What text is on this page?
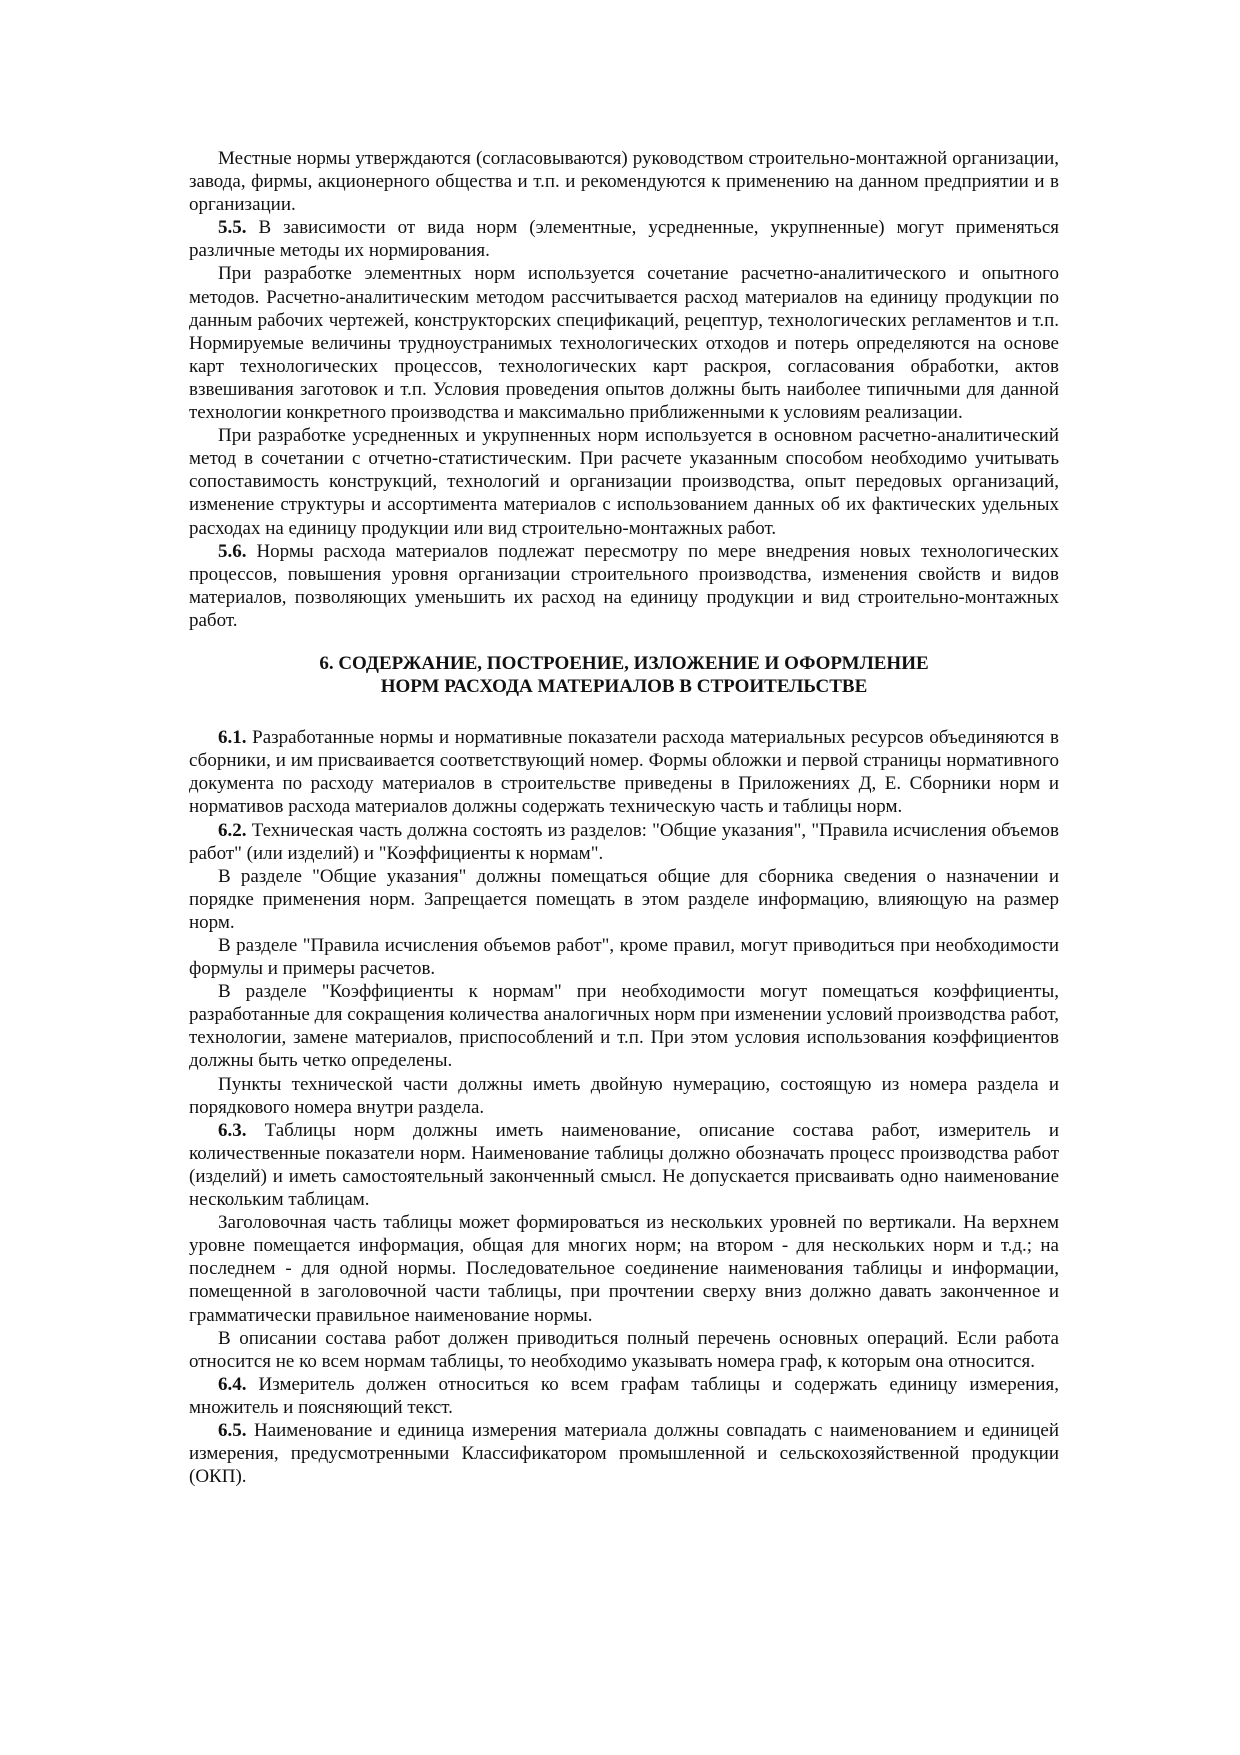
Местные нормы утверждаются (согласовываются) руководством строительно-монтажной организации, завода, фирмы, акционерного общества и т.п. и рекомендуются к применению на данном предприятии и в организации.

5.5. В зависимости от вида норм (элементные, усредненные, укрупненные) могут применяться различные методы их нормирования.

При разработке элементных норм используется сочетание расчетно-аналитического и опытного методов. Расчетно-аналитическим методом рассчитывается расход материалов на единицу продукции по данным рабочих чертежей, конструкторских спецификаций, рецептур, технологических регламентов и т.п. Нормируемые величины трудноустранимых технологических отходов и потерь определяются на основе карт технологических процессов, технологических карт раскроя, согласования обработки, актов взвешивания заготовок и т.п. Условия проведения опытов должны быть наиболее типичными для данной технологии конкретного производства и максимально приближенными к условиям реализации.

При разработке усредненных и укрупненных норм используется в основном расчетно-аналитический метод в сочетании с отчетно-статистическим. При расчете указанным способом необходимо учитывать сопоставимость конструкций, технологий и организации производства, опыт передовых организаций, изменение структуры и ассортимента материалов с использованием данных об их фактических удельных расходах на единицу продукции или вид строительно-монтажных работ.

5.6. Нормы расхода материалов подлежат пересмотру по мере внедрения новых технологических процессов, повышения уровня организации строительного производства, изменения свойств и видов материалов, позволяющих уменьшить их расход на единицу продукции и вид строительно-монтажных работ.

6. СОДЕРЖАНИЕ, ПОСТРОЕНИЕ, ИЗЛОЖЕНИЕ И ОФОРМЛЕНИЕ
НОРМ РАСХОДА МАТЕРИАЛОВ В СТРОИТЕЛЬСТВЕ

6.1. Разработанные нормы и нормативные показатели расхода материальных ресурсов объединяются в сборники, и им присваивается соответствующий номер. Формы обложки и первой страницы нормативного документа по расходу материалов в строительстве приведены в Приложениях Д, Е. Сборники норм и нормативов расхода материалов должны содержать техническую часть и таблицы норм.

6.2. Техническая часть должна состоять из разделов: "Общие указания", "Правила исчисления объемов работ" (или изделий) и "Коэффициенты к нормам".

В разделе "Общие указания" должны помещаться общие для сборника сведения о назначении и порядке применения норм. Запрещается помещать в этом разделе информацию, влияющую на размер норм.

В разделе "Правила исчисления объемов работ", кроме правил, могут приводиться при необходимости формулы и примеры расчетов.

В разделе "Коэффициенты к нормам" при необходимости могут помещаться коэффициенты, разработанные для сокращения количества аналогичных норм при изменении условий производства работ, технологии, замене материалов, приспособлений и т.п. При этом условия использования коэффициентов должны быть четко определены.

Пункты технической части должны иметь двойную нумерацию, состоящую из номера раздела и порядкового номера внутри раздела.

6.3. Таблицы норм должны иметь наименование, описание состава работ, измеритель и количественные показатели норм. Наименование таблицы должно обозначать процесс производства работ (изделий) и иметь самостоятельный законченный смысл. Не допускается присваивать одно наименование нескольким таблицам.

Заголовочная часть таблицы может формироваться из нескольких уровней по вертикали. На верхнем уровне помещается информация, общая для многих норм; на втором - для нескольких норм и т.д.; на последнем - для одной нормы. Последовательное соединение наименования таблицы и информации, помещенной в заголовочной части таблицы, при прочтении сверху вниз должно давать законченное и грамматически правильное наименование нормы.

В описании состава работ должен приводиться полный перечень основных операций. Если работа относится не ко всем нормам таблицы, то необходимо указывать номера граф, к которым она относится.

6.4. Измеритель должен относиться ко всем графам таблицы и содержать единицу измерения, множитель и поясняющий текст.

6.5. Наименование и единица измерения материала должны совпадать с наименованием и единицей измерения, предусмотренными Классификатором промышленной и сельскохозяйственной продукции (ОКП).
